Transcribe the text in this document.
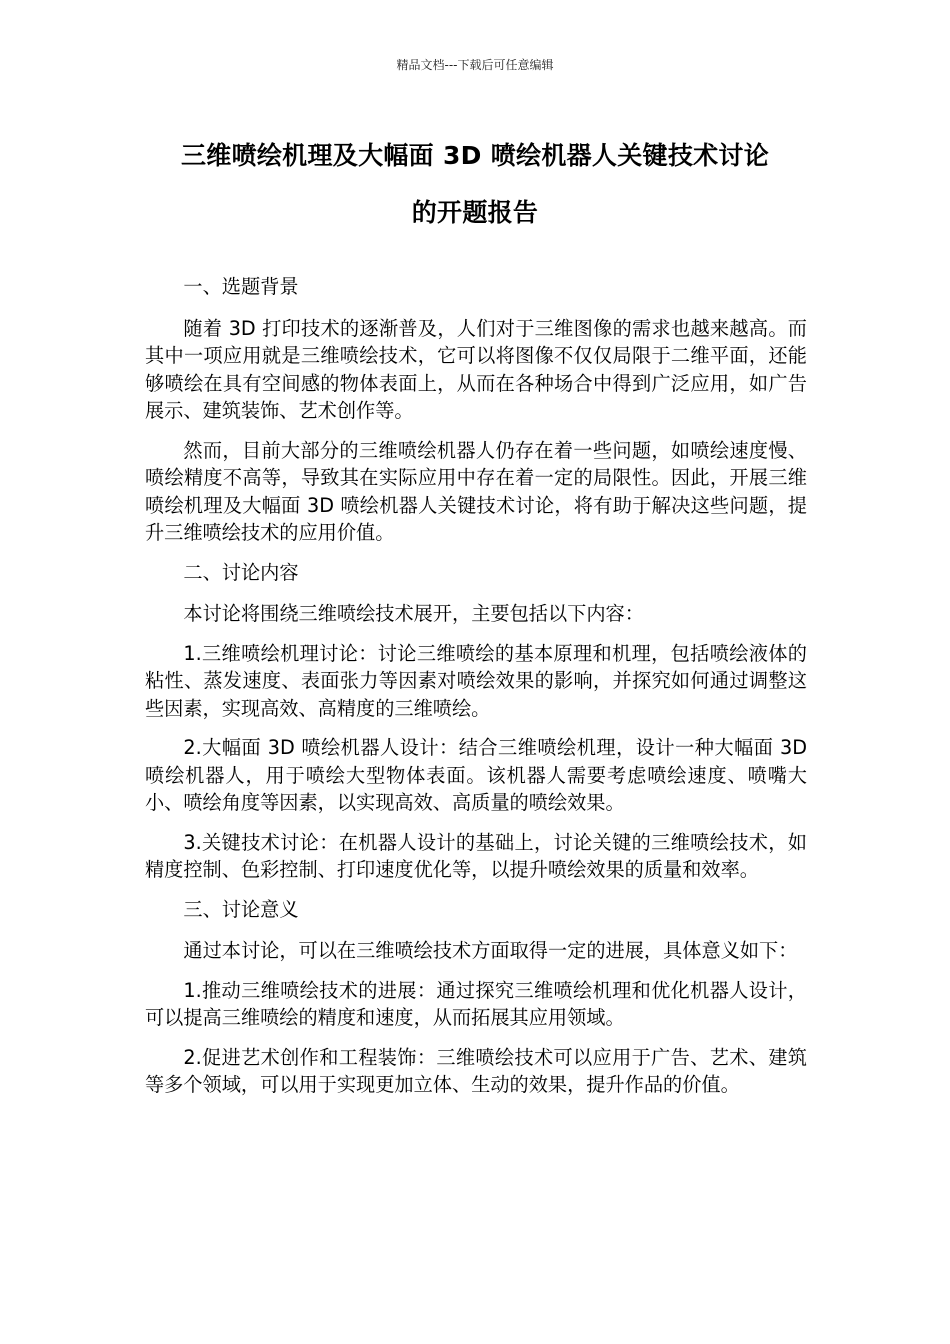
精品文档---下载后可任意编辑
三维喷绘机理及大幅面 3D 喷绘机器人关键技术讨论
的开题报告

一、选题背景

随着 3D 打印技术的逐渐普及，人们对于三维图像的需求也越来越高。而其中一项应用就是三维喷绘技术，它可以将图像不仅仅局限于二维平面，还能够喷绘在具有空间感的物体表面上，从而在各种场合中得到广泛应用，如广告展示、建筑装饰、艺术创作等。

然而，目前大部分的三维喷绘机器人仍存在着一些问题，如喷绘速度慢、喷绘精度不高等，导致其在实际应用中存在着一定的局限性。因此，开展三维喷绘机理及大幅面 3D 喷绘机器人关键技术讨论，将有助于解决这些问题，提升三维喷绘技术的应用价值。

二、讨论内容

本讨论将围绕三维喷绘技术展开，主要包括以下内容：

1.三维喷绘机理讨论：讨论三维喷绘的基本原理和机理，包括喷绘液体的粘性、蒸发速度、表面张力等因素对喷绘效果的影响，并探究如何通过调整这些因素，实现高效、高精度的三维喷绘。

2.大幅面 3D 喷绘机器人设计：结合三维喷绘机理，设计一种大幅面 3D 喷绘机器人，用于喷绘大型物体表面。该机器人需要考虑喷绘速度、喷嘴大小、喷绘角度等因素，以实现高效、高质量的喷绘效果。

3.关键技术讨论：在机器人设计的基础上，讨论关键的三维喷绘技术，如精度控制、色彩控制、打印速度优化等，以提升喷绘效果的质量和效率。

三、讨论意义

通过本讨论，可以在三维喷绘技术方面取得一定的进展，具体意义如下：

1.推动三维喷绘技术的进展：通过探究三维喷绘机理和优化机器人设计，可以提高三维喷绘的精度和速度，从而拓展其应用领域。

2.促进艺术创作和工程装饰：三维喷绘技术可以应用于广告、艺术、建筑等多个领域，可以用于实现更加立体、生动的效果，提升作品的价值。
